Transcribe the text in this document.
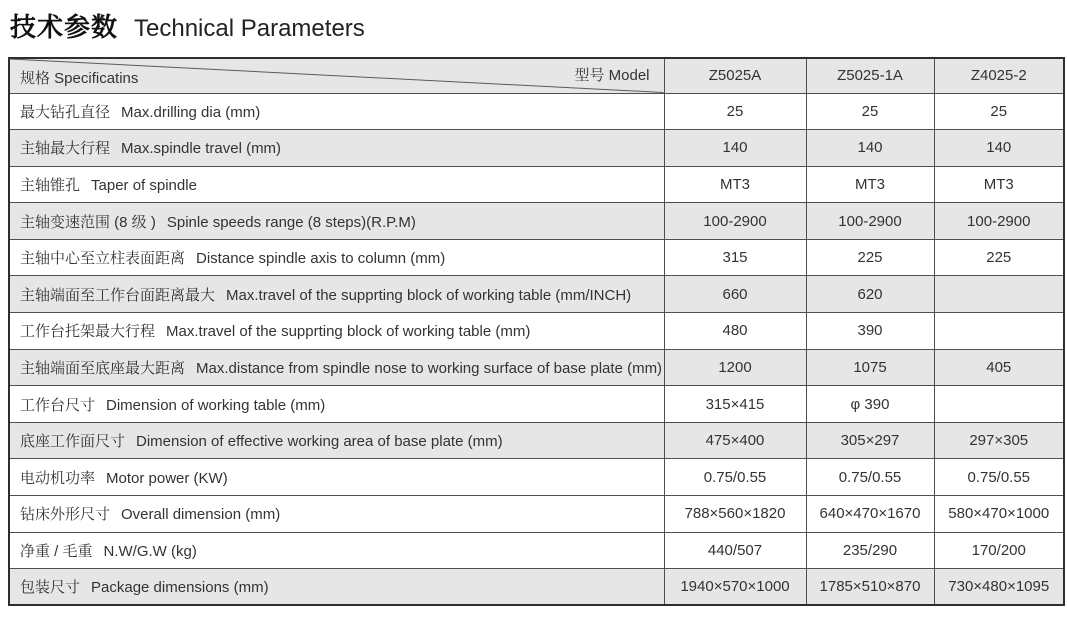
技术参数 Technical Parameters
规格 Specificatins 型号 Model	Z5025A	Z5025-1A	Z4025-2
最大钻孔直径 Max.drilling dia (mm)	25	25	25
主轴最大行程 Max.spindle travel (mm)	140	140	140
主轴锥孔 Taper of spindle	MT3	MT3	MT3
主轴变速范围 (8 级 ) Spinle speeds range (8 steps)(R.P.M)	100-2900	100-2900	100-2900
主轴中心至立柱表面距离 Distance spindle axis to column (mm)	315	225	225
主轴端面至工作台面距离最大 Max.travel of the supprting block of working table (mm/INCH)	660	620	
工作台托架最大行程 Max.travel of the supprting block of working table (mm)	480	390	
主轴端面至底座最大距离 Max.distance from spindle nose to working surface of base plate (mm)	1200	1075	405
工作台尺寸 Dimension of working table (mm)	315×415	φ 390	
底座工作面尺寸 Dimension of effective working area of base plate (mm)	475×400	305×297	297×305
电动机功率 Motor power (KW)	0.75/0.55	0.75/0.55	0.75/0.55
钻床外形尺寸 Overall dimension (mm)	788×560×1820	640×470×1670	580×470×1000
净重 / 毛重 N.W/G.W (kg)	440/507	235/290	170/200
包装尺寸 Package dimensions (mm)	1940×570×1000	1785×510×870	730×480×1095
